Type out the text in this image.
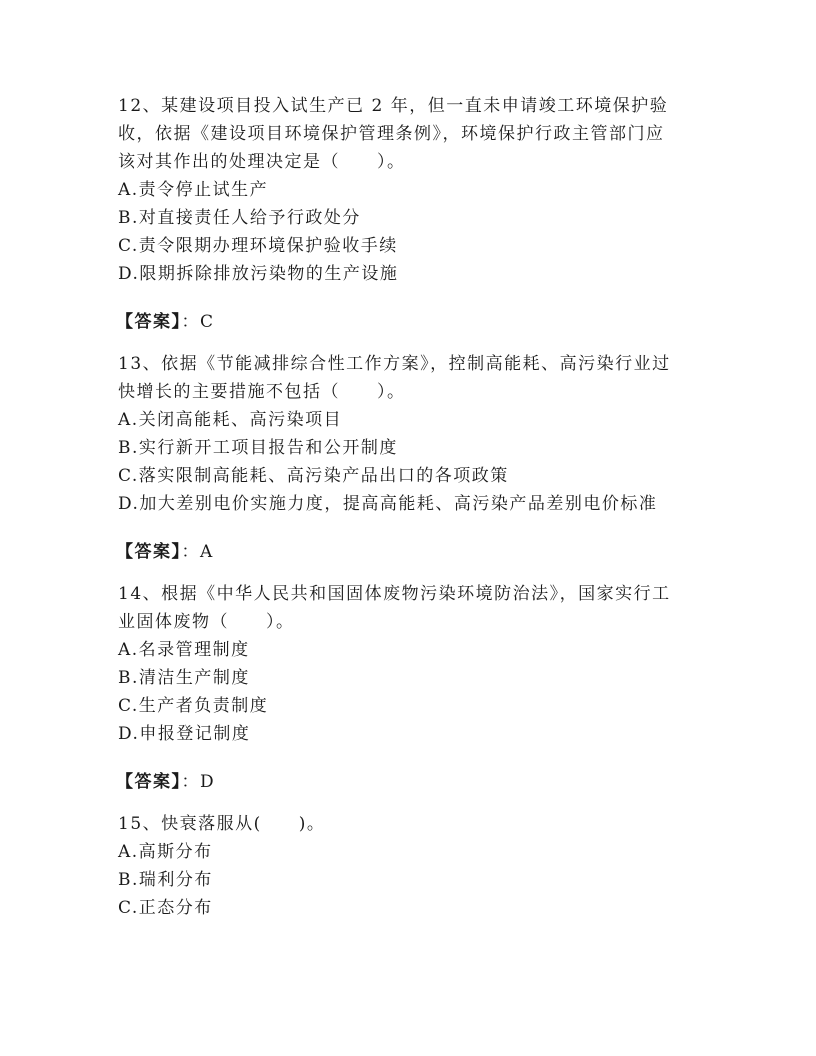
12、某建设项目投入试生产已 2 年，但一直未申请竣工环境保护验

收，依据《建设项目环境保护管理条例》，环境保护行政主管部门应

该对其作出的处理决定是（　　）。

A.责令停止试生产

B.对直接责任人给予行政处分

C.责令限期办理环境保护验收手续

D.限期拆除排放污染物的生产设施

【答案】：C

13、依据《节能减排综合性工作方案》，控制高能耗、高污染行业过

快增长的主要措施不包括（　　）。

A.关闭高能耗、高污染项目

B.实行新开工项目报告和公开制度

C.落实限制高能耗、高污染产品出口的各项政策

D.加大差别电价实施力度，提高高能耗、高污染产品差别电价标准

【答案】：A

14、根据《中华人民共和国固体废物污染环境防治法》，国家实行工

业固体废物（　　）。

A.名录管理制度

B.清洁生产制度

C.生产者负责制度

D.申报登记制度

【答案】：D

15、快衰落服从(　　)。

A.高斯分布

B.瑞利分布

C.正态分布
